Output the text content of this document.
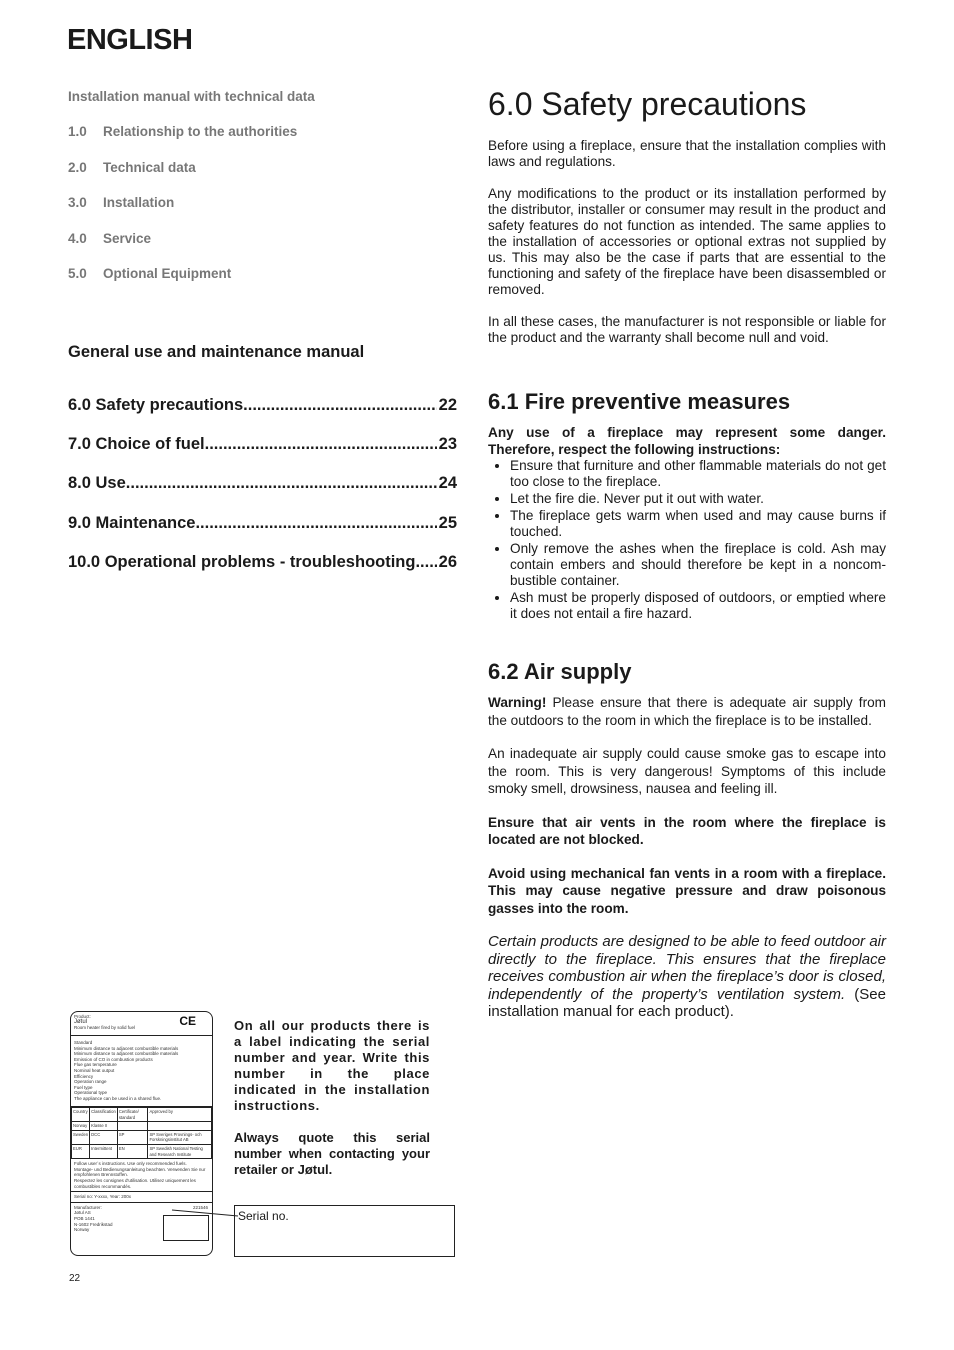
ENGLISH
Installation manual with technical data
1.0 Relationship to the authorities
2.0 Technical data
3.0 Installation
4.0 Service
5.0 Optional Equipment
General use and maintenance manual
6.0 Safety precautions .....	22
7.0 Choice of fuel .....	23
8.0 Use .....	24
9.0 Maintenance .....	25
10.0 Operational problems - troubleshooting ..... 26
6.0 Safety precautions

Before using a fireplace, ensure that the installation complies with laws and regulations.

Any modifications to the product or its installation performed by the distributor, installer or consumer may result in the product and safety features do not function as intended. The same applies to the installation of accessories or optional extras not supplied by us. This may also be the case if parts that are essential to the functioning and safety of the fireplace have been disassembled or removed.

In all these cases, the manufacturer is not responsible or liable for the product and the warranty shall become null and void.

6.1 Fire preventive measures

Any use of a fireplace may represent some danger. Therefore, respect the following instructions:

• Ensure that furniture and other flammable materials do not get too close to the fireplace.
• Let the fire die. Never put it out with water.
• The fireplace gets warm when used and may cause burns if touched.
• Only remove the ashes when the fireplace is cold. Ash may contain embers and should therefore be kept in a noncom-bustible container.
• Ash must be properly disposed of outdoors, or emptied where it does not entail a fire hazard.
6.2 Air supply

Warning! Please ensure that there is adequate air supply from the outdoors to the room in which the fireplace is to be installed.

An inadequate air supply could cause smoke gas to escape into the room. This is very dangerous! Symptoms of this include smoky smell, drowsiness, nausea and feeling ill.

Ensure that air vents in the room where the fireplace is located are not blocked.

Avoid using mechanical fan vents in a room with a fireplace. This may cause negative pressure and draw poisonous gasses into the room.

Certain products are designed to be able to feed outdoor air directly to the fireplace. This ensures that the fireplace receives combustion air when the fireplace’s door is closed, independently of the property’s ventilation system. (See installation manual for each product).

Product:
Jøtul
Room heater fired by solid fuel	CE
Standard
Minimum distance to adjacent combustible materials
Minimum distance to adjacent combustible materials
Emission of CO in combustion products
Flue gas temperature
Nominal heat output
Efficiency
Operation range
Fuel type
Operational type
The appliance can be used in a shared flue.
Country	Classification	Certificate/ standard	Approved by
Norway	Klasse II		
Sweden	DCC	SP	SP Sveriges Provnings- och Forskningsinstitut AB
EUR	Intermittent	EN	SP Swedish National Testing and Research Institute
Follow user´s instructions. Use only recommended fuels.
Montage- und Bedienungsanleitung beachten. Verwenden Sie nur empfohlenen Brennstoffen.
Respectez les consignes d'utilisation. Utilisez uniquement les combustibles recommandés.
Serial no: Y-xxxx, Year: 200x
Manufacturer:	221546
Jøtul AS
POB 1441
N-1602 Fredrikstad
Norway
On all our products there is a label indicating the serial number and year. Write this number in the place indicated in the installation instructions.
Always quote this serial number when contacting your retailer or Jøtul.
Serial no.
22
